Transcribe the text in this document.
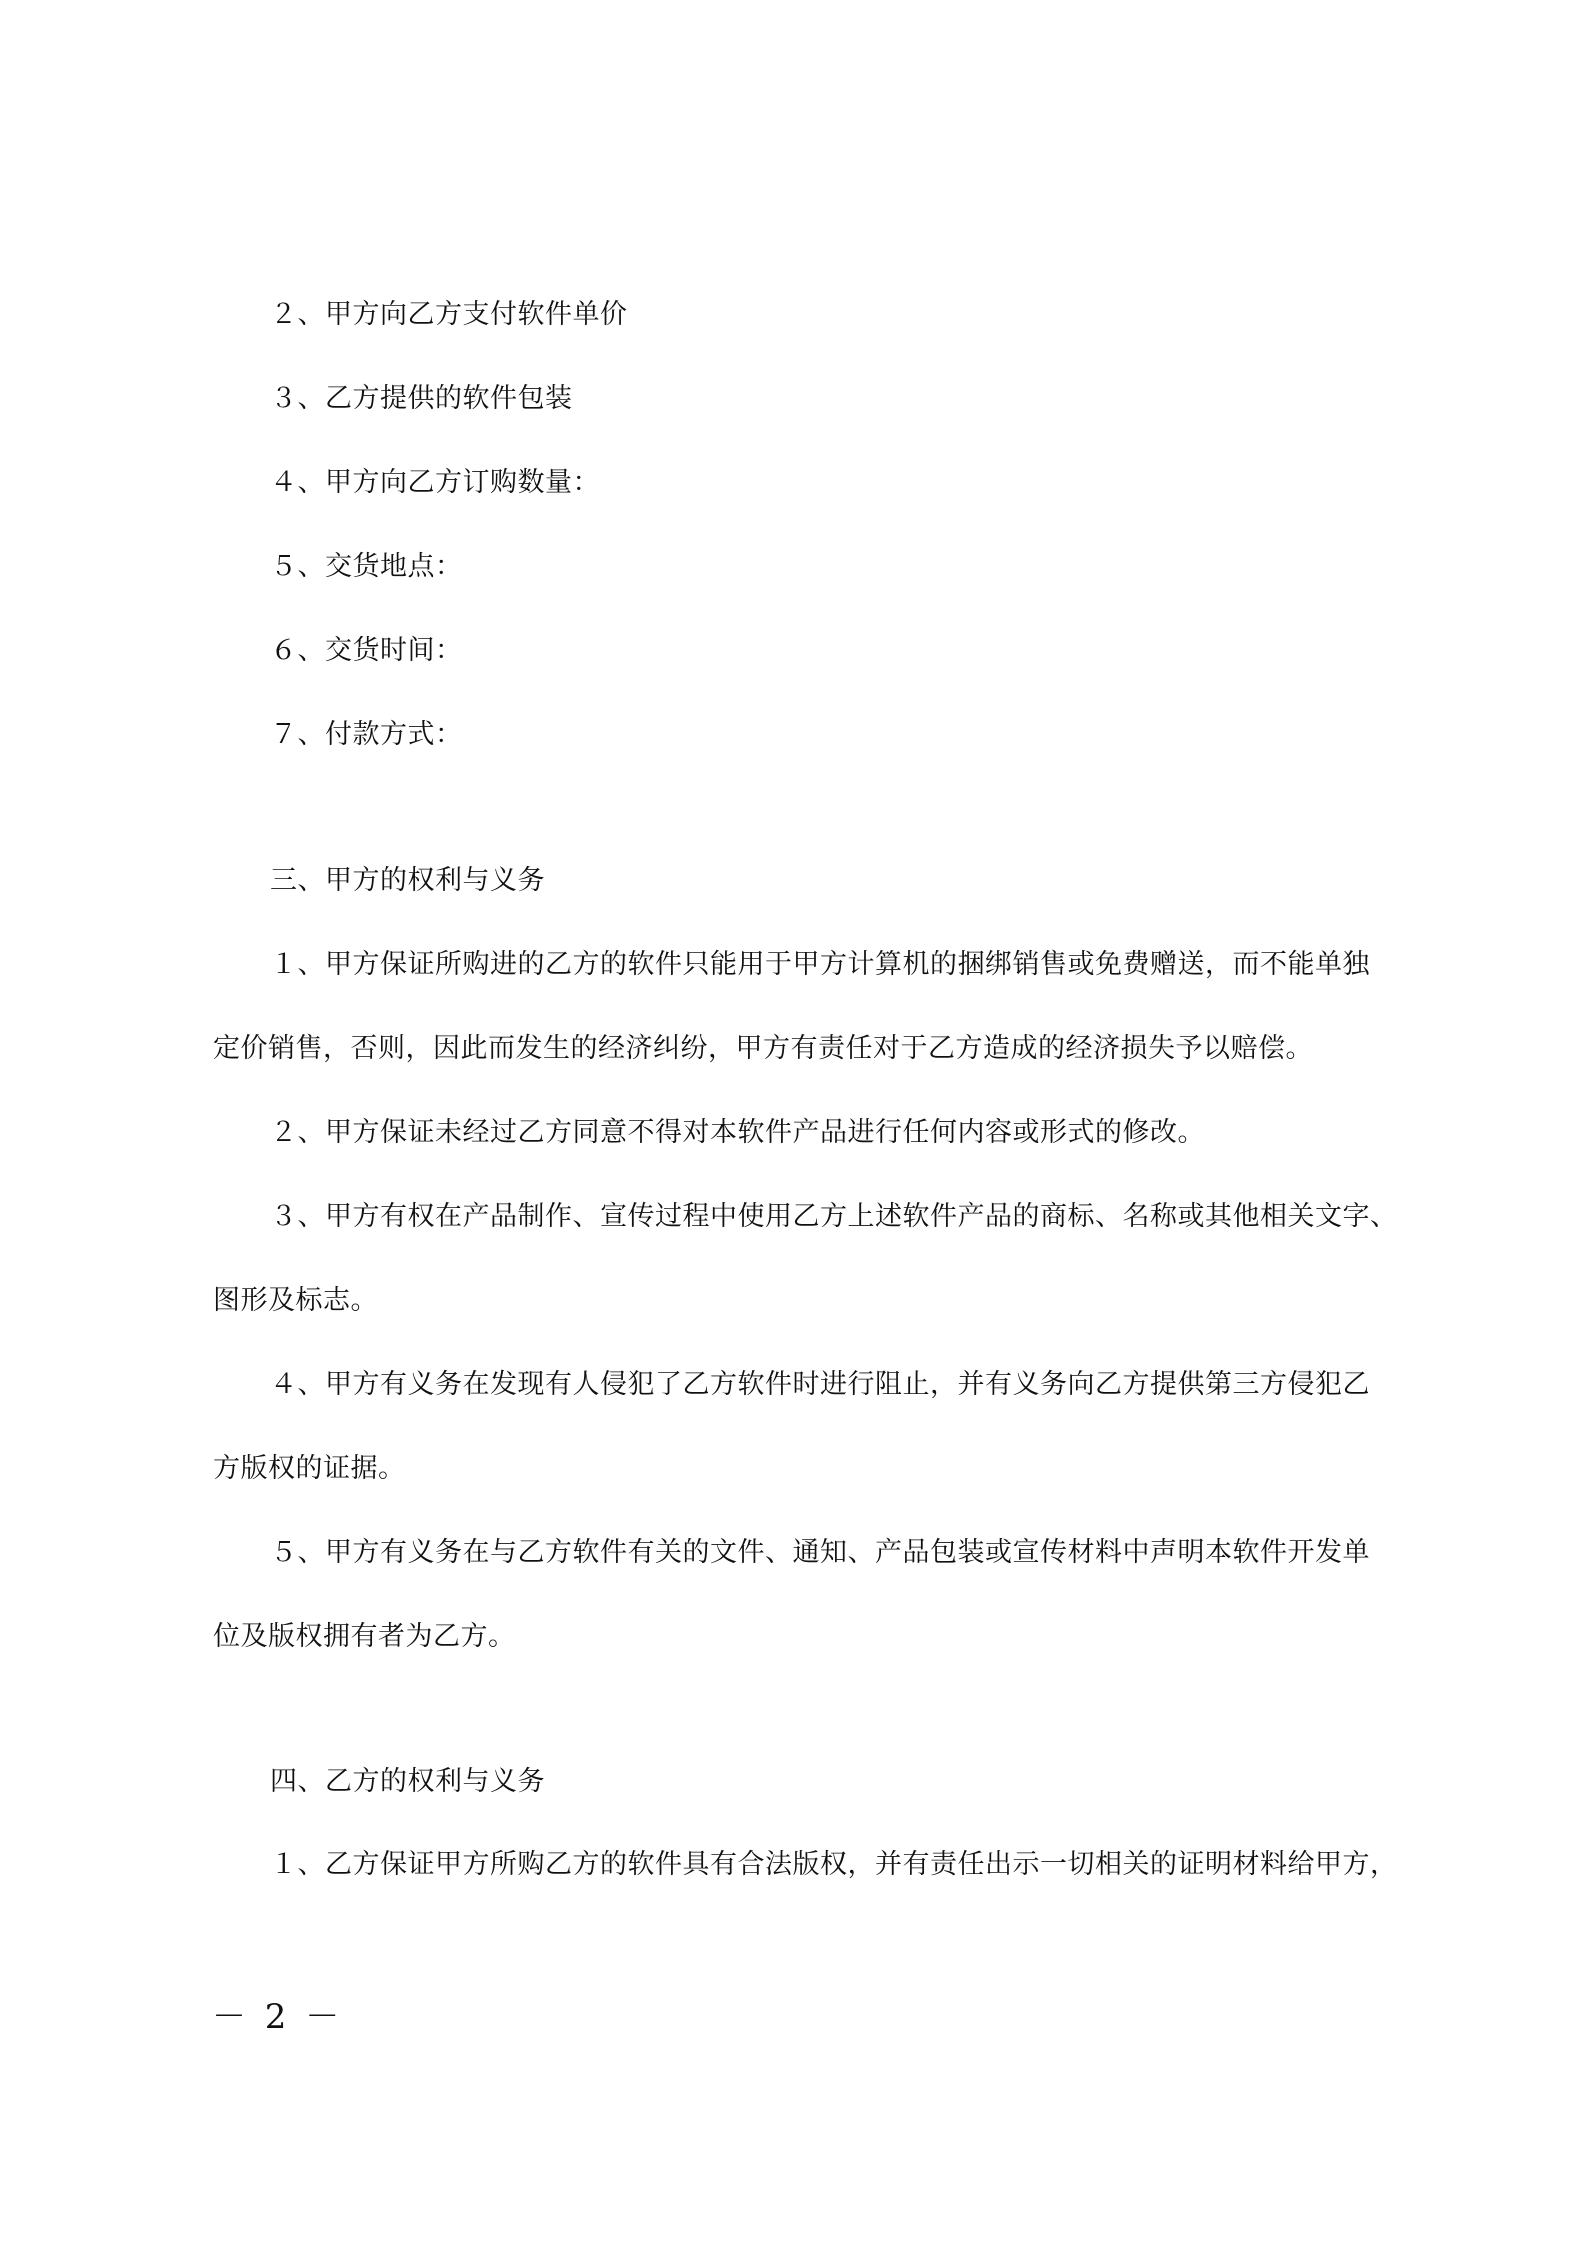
２、甲方向乙方支付软件单价
３、乙方提供的软件包装
４、甲方向乙方订购数量：
５、交货地点：
６、交货时间：
７、付款方式：
三、甲方的权利与义务
１、甲方保证所购进的乙方的软件只能用于甲方计算机的捆绑销售或免费赠送，而不能单独
定价销售，否则，因此而发生的经济纠纷，甲方有责任对于乙方造成的经济损失予以赔偿。
２、甲方保证未经过乙方同意不得对本软件产品进行任何内容或形式的修改。
３、甲方有权在产品制作、宣传过程中使用乙方上述软件产品的商标、名称或其他相关文字、
图形及标志。
４、甲方有义务在发现有人侵犯了乙方软件时进行阻止，并有义务向乙方提供第三方侵犯乙
方版权的证据。
５、甲方有义务在与乙方软件有关的文件、通知、产品包装或宣传材料中声明本软件开发单
位及版权拥有者为乙方。
四、乙方的权利与义务
１、乙方保证甲方所购乙方的软件具有合法版权，并有责任出示一切相关的证明材料给甲方，
－ 2 －
